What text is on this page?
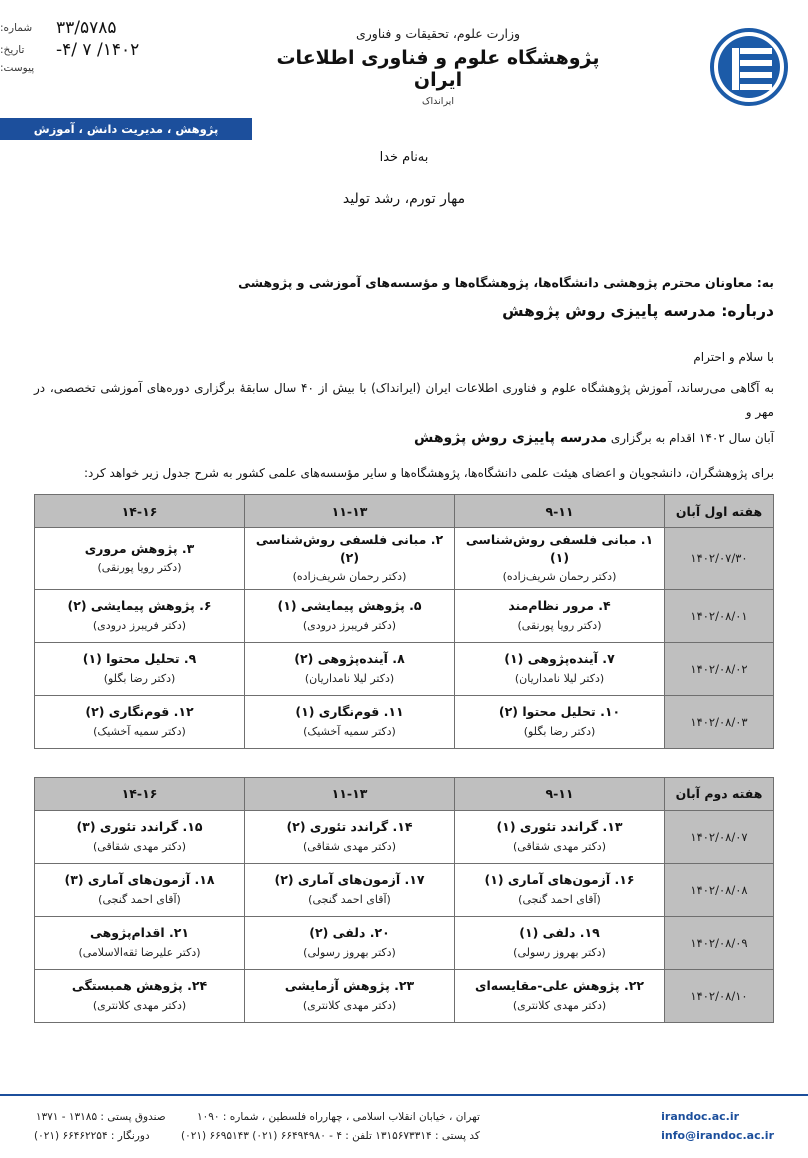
شماره:	۳۳/۵۷۸۵
تاریخ:	۱۴۰۲/ ۷ /۴-
پیوست:
وزارت علوم، تحقیقات و فناوری
پژوهشگاه علوم و فناوری اطلاعات ایران
ایرانداک
پژوهش ، مدیریت دانش ، آموزش
به‌نام خدا
مهار تورم، رشد تولید
به: معاونان محترم پژوهشی دانشگاه‌ها، پژوهشگاه‌ها و مؤسسه‌های آموزشی و پژوهشی
درباره: مدرسه پاییزی روش پژوهش
با سلام و احترام
به آگاهی می‌رساند، آموزش پژوهشگاه علوم و فناوری اطلاعات ایران (ایرانداک) با بیش از ۴۰ سال سابقهٔ برگزاری دوره‌های آموزشی تخصصی، در مهر و
آبان سال ۱۴۰۲ اقدام به برگزاری مدرسه پاییزی روش پژوهش
برای پژوهشگران، دانشجویان و اعضای هیئت علمی دانشگاه‌ها، پژوهشگاه‌ها و سایر مؤسسه‌های علمی کشور به شرح جدول زیر خواهد کرد:
هفته اول آبان	۹-۱۱	۱۱-۱۳	۱۴-۱۶
۱۴۰۲/۰۷/۳۰	
۱. مبانی فلسفی روش‌شناسی (۱)
(دکتر رحمان شریف‌زاده)

۲. مبانی فلسفی روش‌شناسی (۲)
(دکتر رحمان شریف‌زاده)

۳. پژوهش مروری
(دکتر رویا پورنقی)

۱۴۰۲/۰۸/۰۱	
۴. مرور نظام‌مند
(دکتر رویا پورنقی)

۵. پژوهش پیمایشی (۱)
(دکتر فریبرز درودی)

۶. پژوهش پیمایشی (۲)
(دکتر فریبرز درودی)

۱۴۰۲/۰۸/۰۲	
۷. آینده‌پژوهی (۱)
(دکتر لیلا نامداریان)

۸. آینده‌پژوهی (۲)
(دکتر لیلا نامداریان)

۹. تحلیل محتوا (۱)
(دکتر رضا بگلو)

۱۴۰۲/۰۸/۰۳	
۱۰. تحلیل محتوا (۲)
(دکتر رضا بگلو)

۱۱. قوم‌نگاری (۱)
(دکتر سمیه آخشیک)

۱۲. قوم‌نگاری (۲)
(دکتر سمیه آخشیک)
هفته دوم آبان	۹-۱۱	۱۱-۱۳	۱۴-۱۶
۱۴۰۲/۰۸/۰۷	
۱۳. گراندد تئوری (۱)
(دکتر مهدی شقاقی)

۱۴. گراندد تئوری (۲)
(دکتر مهدی شقاقی)

۱۵. گراندد تئوری (۳)
(دکتر مهدی شقاقی)

۱۴۰۲/۰۸/۰۸	
۱۶. آزمون‌های آماری (۱)
(آقای احمد گنجی)

۱۷. آزمون‌های آماری (۲)
(آقای احمد گنجی)

۱۸. آزمون‌های آماری (۳)
(آقای احمد گنجی)

۱۴۰۲/۰۸/۰۹	
۱۹. دلفی (۱)
(دکتر بهروز رسولی)

۲۰. دلفی (۲)
(دکتر بهروز رسولی)

۲۱. اقدام‌پژوهی
(دکتر علیرضا ثقه‌الاسلامی)

۱۴۰۲/۰۸/۱۰	
۲۲. پژوهش علی-مقایسه‌ای
(دکتر مهدی کلانتری)

۲۳. پژوهش آزمایشی
(دکتر مهدی کلانتری)

۲۴. پژوهش همبستگی
(دکتر مهدی کلانتری)
irandoc.ac.ir
info@irandoc.ac.ir
تهران ، خیابان انقلاب اسلامی ، چهارراه فلسطین ، شماره : ۱۰۹۰ صندوق پستی : ۱۳۱۸۵ - ۱۳۷۱
کد پستی : ۱۳۱۵۶۷۳۳۱۴ تلفن : ۴ - ۶۶۴۹۴۹۸۰ (۰۲۱) ۶۶۹۵۱۴۳ (۰۲۱) دورنگار : ۶۶۴۶۲۲۵۴ (۰۲۱)
